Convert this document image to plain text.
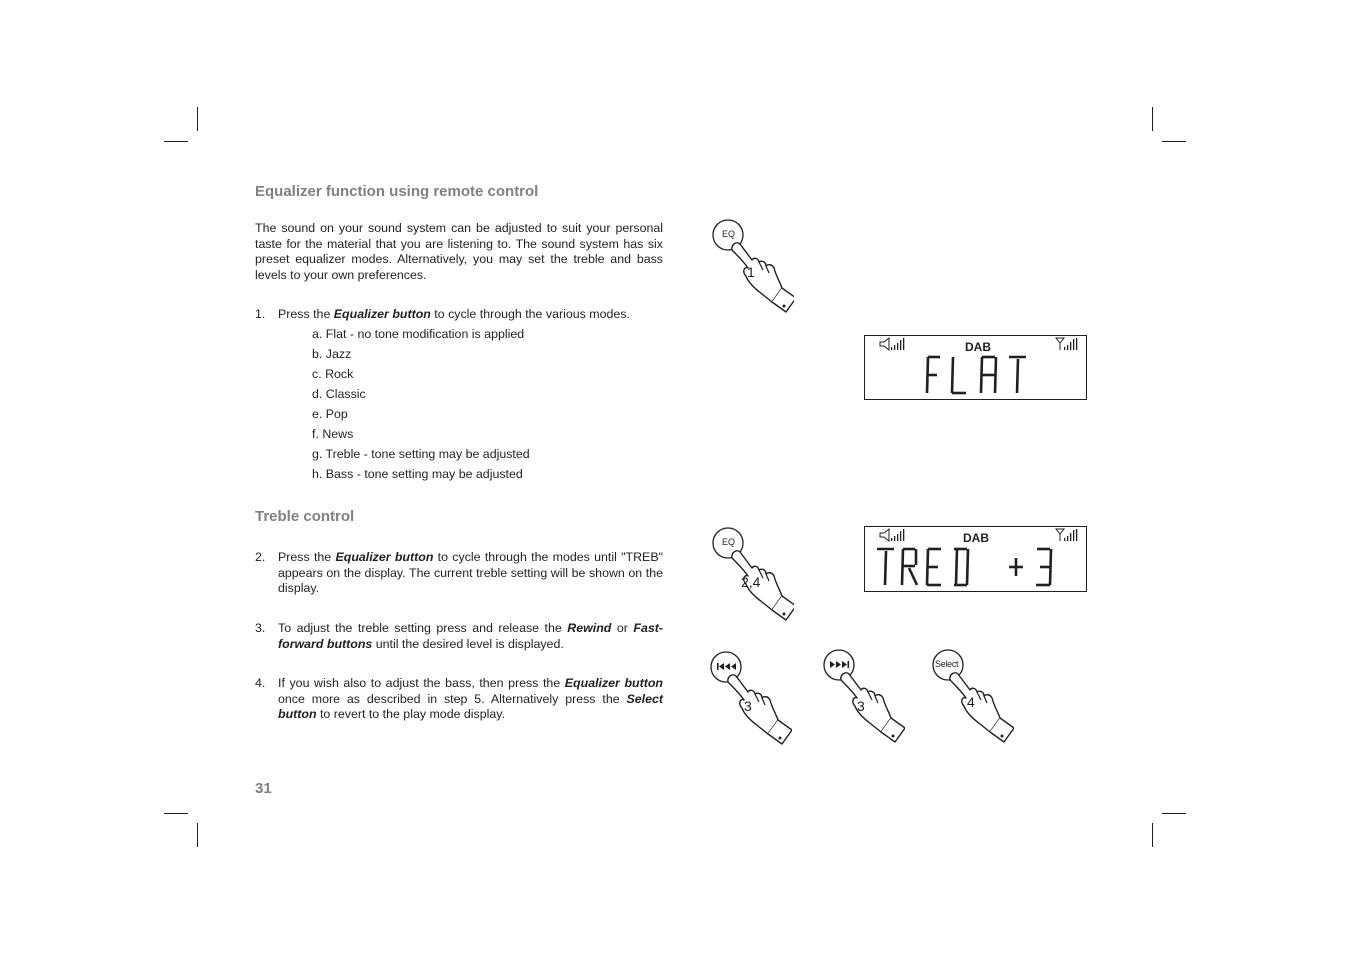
Equalizer function using remote control

The sound on your sound system can be adjusted to suit your personal taste for the material that you are listening to. The sound system has six preset equalizer modes. Alternatively, you may set the treble and bass levels to your own preferences.

1. Press the Equalizer button to cycle through the various modes.
a. Flat - no tone modification is applied
b. Jazz
c. Rock
d. Classic
e. Pop
f. News
g. Treble - tone setting may be adjusted
h. Bass - tone setting may be adjusted
Treble control
2. Press the Equalizer button to cycle through the modes until "TREB" appears on the display. The current treble setting will be shown on the display.
3. To adjust the treble setting press and release the Rewind or Fast-forward buttons until the desired level is displayed.
4. If you wish also to adjust the bass, then press the Equalizer button once more as described in step 5. Alternatively press the Select button to revert to the play mode display.
31
EQ
1
EQ
2,4
3	3
Select
4
DAB
DAB
